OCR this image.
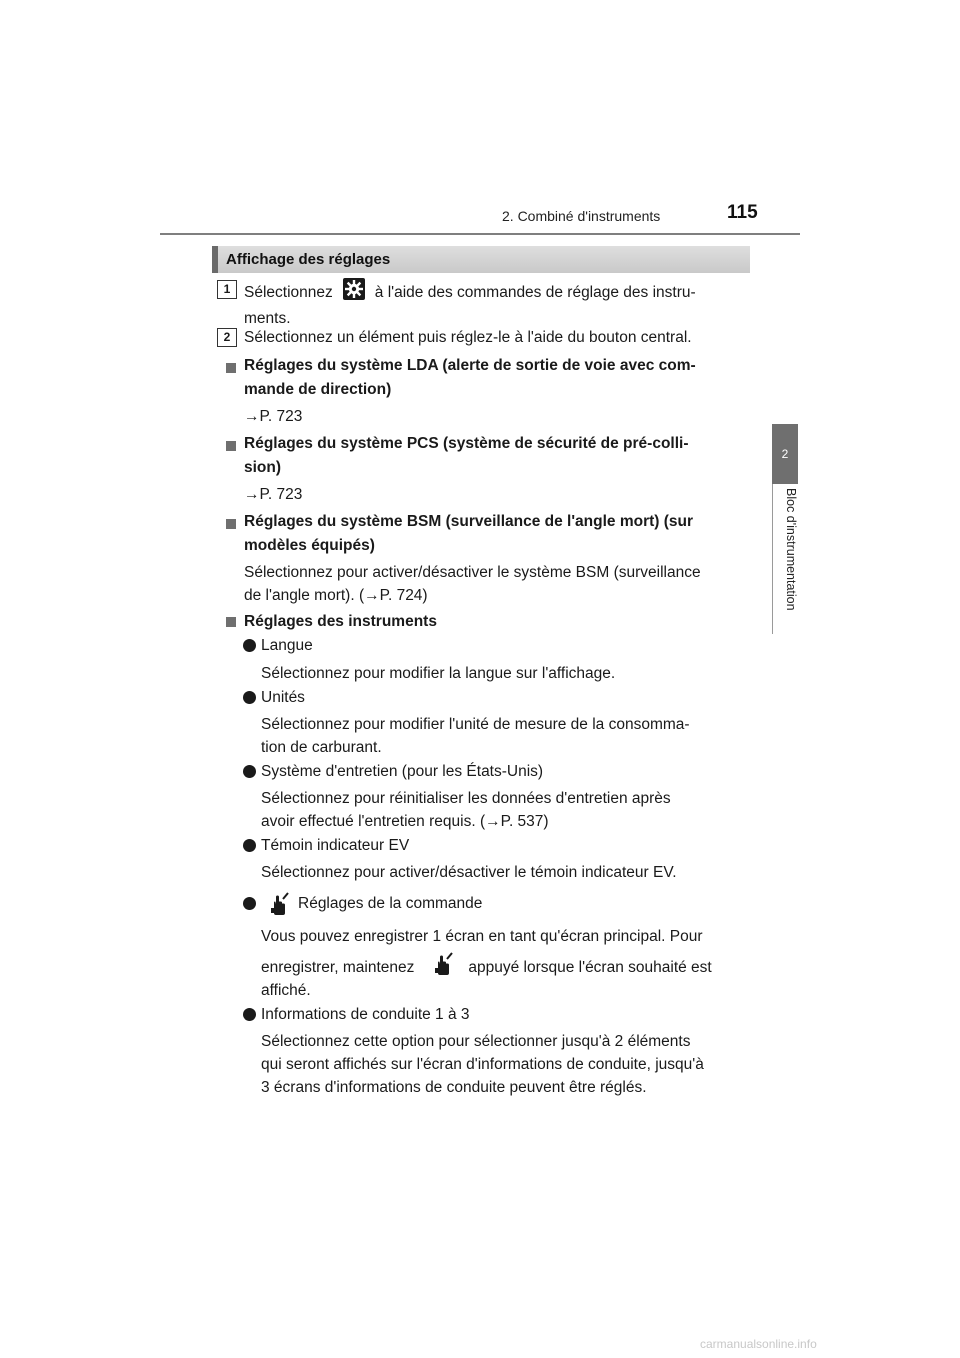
2. Combiné d'instruments	115
2
Bloc d'instrumentation
Affichage des réglages
1 Sélectionnez	à l'aide des commandes de réglage des instru-
ments.
2 Sélectionnez un élément puis réglez-le à l'aide du bouton central.
Réglages du système LDA (alerte de sortie de voie avec com-
mande de direction)
→P. 723
Réglages du système PCS (système de sécurité de pré-colli-
sion)
→P. 723
Réglages du système BSM (surveillance de l'angle mort) (sur
modèles équipés)
Sélectionnez pour activer/désactiver le système BSM (surveillance
de l'angle mort). (→P. 724)
Réglages des instruments
Langue
Sélectionnez pour modifier la langue sur l'affichage.
Unités
Sélectionnez pour modifier l'unité de mesure de la consomma-
tion de carburant.
Système d'entretien (pour les États-Unis)
Sélectionnez pour réinitialiser les données d'entretien après
avoir effectué l'entretien requis. (→P. 537)
Témoin indicateur EV
Sélectionnez pour activer/désactiver le témoin indicateur EV.
Réglages de la commande
Vous pouvez enregistrer 1 écran en tant qu'écran principal. Pour
enregistrer, maintenez	appuyé lorsque l'écran souhaité est
affiché.
Informations de conduite 1 à 3
Sélectionnez cette option pour sélectionner jusqu'à 2 éléments
qui seront affichés sur l'écran d'informations de conduite, jusqu'à
3 écrans d'informations de conduite peuvent être réglés.
carmanualsonline.info
